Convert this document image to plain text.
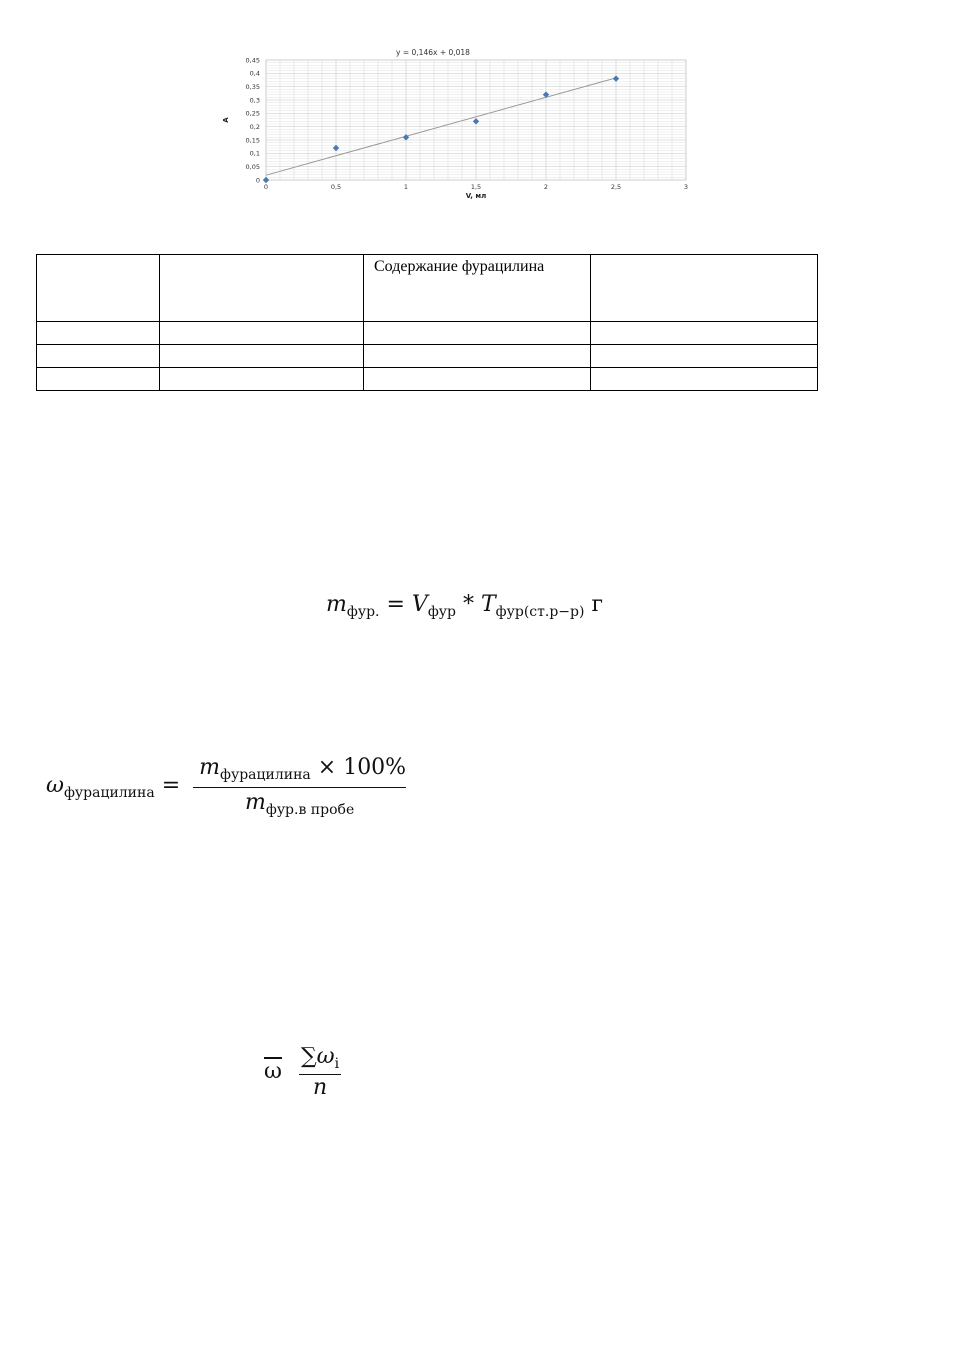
y = 0,146x + 0,018
0	0,5	1	1,5	2	2,5	3
0
0,05
0,1
0,15
0,2
0,25
0,3
0,35
0,4
0,45
V, мл
A

		Содержание фурацилина	

$m_{фур.} = V_{фур} * T_{фур(ст.р-р)}$ г
$\omega_{фурацилина} = \frac{m_{фурацилина} \times 100\%}{m_{фур.в пробе}}$
$\overline{\omega} \frac{\sum\omega_i}{n}$
